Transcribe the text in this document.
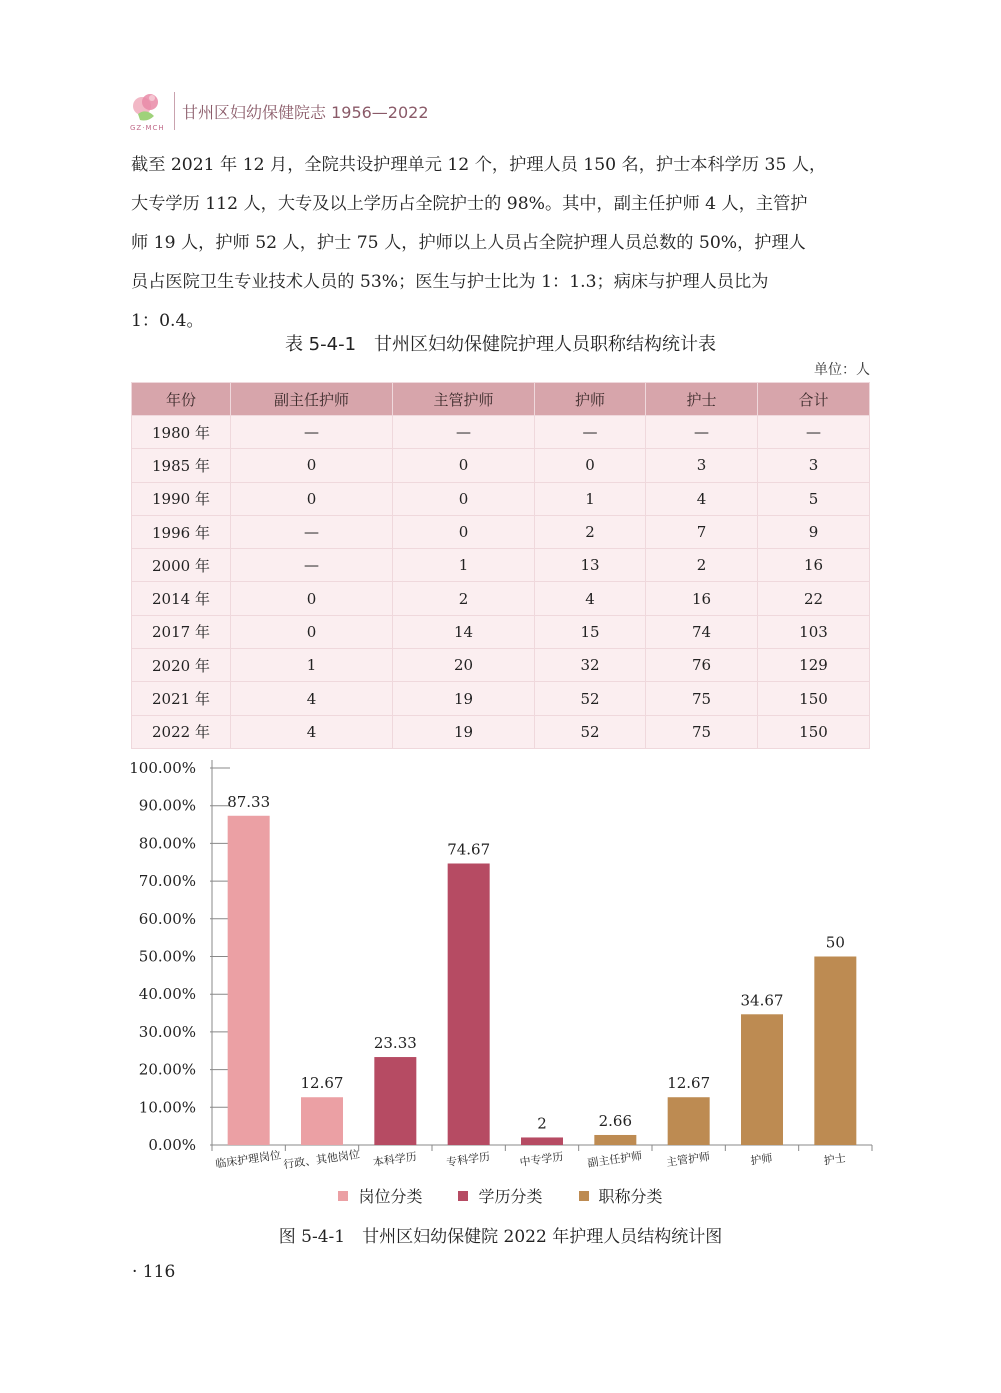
GZ·MCH
甘州区妇幼保健院志 1956—2022

截至 2021 年 12 月，全院共设护理单元 12 个，护理人员 150 名，护士本科学历 35 人，

大专学历 112 人，大专及以上学历占全院护士的 98%。其中，副主任护师 4 人，主管护

师 19 人，护师 52 人，护士 75 人，护师以上人员占全院护理人员总数的 50%，护理人

员占医院卫生专业技术人员的 53%；医生与护士比为 1：1.3；病床与护理人员比为

1：0.4。

表 5-4-1　甘州区妇幼保健院护理人员职称结构统计表
单位：人
年份	副主任护师	主管护师	护师	护士	合计
1980 年	—	—	—	—	—
1985 年	0	0	0	3	3
1990 年	0	0	1	4	5
1996 年	—	0	2	7	9
2000 年	—	1	13	2	16
2014 年	0	2	4	16	22
2017 年	0	14	15	74	103
2020 年	1	20	32	76	129
2021 年	4	19	52	75	150
2022 年	4	19	52	75	150
0.00%
10.00%
20.00%
30.00%
40.00%
50.00%
60.00%
70.00%
80.00%
90.00%
100.00%
87.33
临床护理岗位
12.67
行政、其他岗位
23.33
本科学历
74.67
专科学历
2
中专学历
2.66
副主任护师
12.67
主管护师
34.67
护师
50
护士
岗位分类	学历分类	职称分类
图 5-4-1　甘州区妇幼保健院 2022 年护理人员结构统计图
· 116
